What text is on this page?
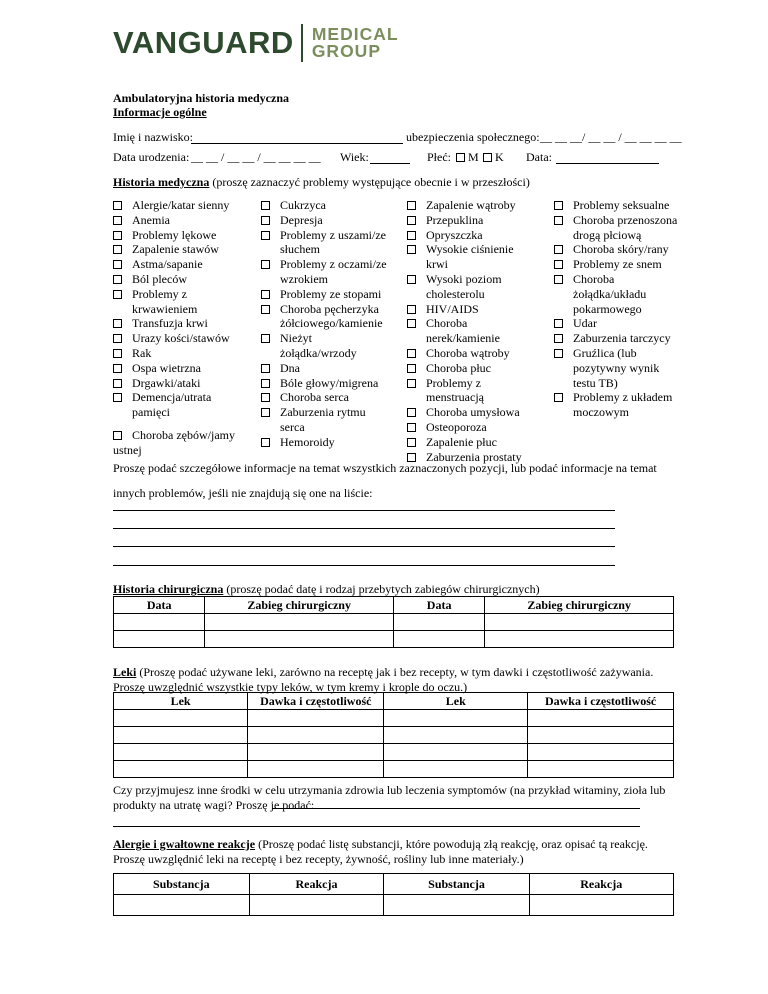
VANGUARD MEDICAL
GROUP
Ambulatoryjna historia medyczna
Informacje ogólne
Imię i nazwisko:	ubezpieczenia społecznego: __ __ __/ __ __ / __ __ __ __
Data urodzenia: __ __ / __ __ / __ __ __ __ Wiek:	Płeć: M K Data:
Historia medyczna (proszę zaznaczyć problemy występujące obecnie i w przeszłości)
Alergie/katar sienny
Anemia
Problemy lękowe
Zapalenie stawów
Astma/sapanie
Ból pleców
Problemy z krwawieniem
Transfuzja krwi
Urazy kości/stawów
Rak
Ospa wietrzna
Drgawki/ataki
Demencja/utrata pamięci
Cukrzyca
Depresja
Problemy z uszami/ze słuchem
Problemy z oczami/ze wzrokiem
Problemy ze stopami
Choroba pęcherzyka żółciowego/kamienie
Nieżyt żołądka/wrzody
Dna
Bóle głowy/migrena
Choroba serca
Zaburzenia rytmu serca
Hemoroidy
Zapalenie wątroby
Przepuklina
Opryszczka
Wysokie ciśnienie krwi
Wysoki poziom cholesterolu
HIV/AIDS
Choroba nerek/kamienie
Choroba wątroby
Choroba płuc
Problemy z menstruacją
Choroba umysłowa
Osteoporoza
Zapalenie płuc
Zaburzenia prostaty
Problemy seksualne
Choroba przenoszona drogą płciową
Choroba skóry/rany
Problemy ze snem
Choroba żołądka/układu pokarmowego
Udar
Zaburzenia tarczycy
Gruźlica (lub pozytywny wynik testu TB)
Problemy z układem moczowym
Choroba zębów/jamy ustnej
Proszę podać szczegółowe informacje na temat wszystkich zaznaczonych pozycji, lub podać informacje na temat innych problemów, jeśli nie znajdują się one na liście:
Historia chirurgiczna (proszę podać datę i rodzaj przebytych zabiegów chirurgicznych)
Data	Zabieg chirurgiczny	Data	Zabieg chirurgiczny

Leki (Proszę podać używane leki, zarówno na receptę jak i bez recepty, w tym dawki i częstotliwość zażywania. Proszę uwzględnić wszystkie typy leków, w tym kremy i krople do oczu.)
Lek	Dawka i częstotliwość	Lek	Dawka i częstotliwość

Czy przyjmujesz inne środki w celu utrzymania zdrowia lub leczenia symptomów (na przykład witaminy, zioła lub produkty na utratę wagi? Proszę je podać:
Alergie i gwałtowne reakcje (Proszę podać listę substancji, które powodują złą reakcję, oraz opisać tą reakcję. Proszę uwzględnić leki na receptę i bez recepty, żywność, rośliny lub inne materiały.)
Substancja	Reakcja	Substancja	Reakcja
